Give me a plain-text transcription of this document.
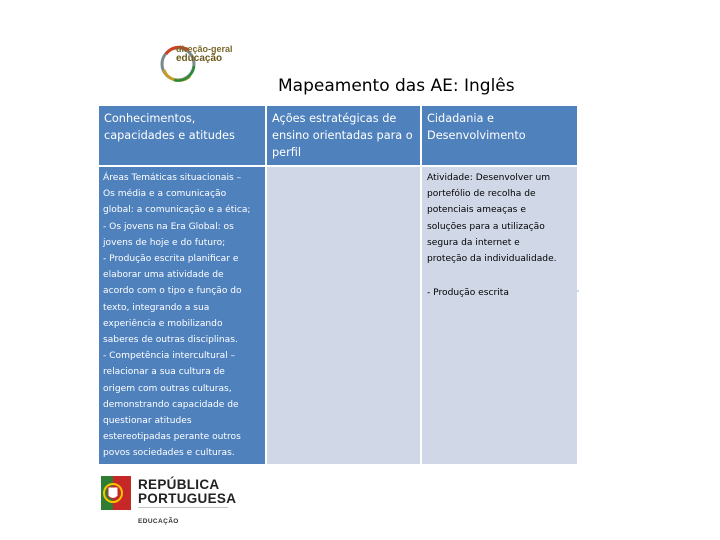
direção-geral
educação
Mapeamento das AE: Inglês
Conhecimentos, capacidades e atitudes
Ações estratégicas de ensino orientadas para o perfil
Cidadania e Desenvolvimento
Áreas Temáticas situacionais –
Os média e a comunicação
global: a comunicação e a ética;
- Os jovens na Era Global: os
jovens de hoje e do futuro;
- Produção escrita planificar e
elaborar uma atividade de
acordo com o tipo e função do
texto, integrando a sua
experiência e mobilizando
saberes de outras disciplinas.
- Competência intercultural –
relacionar a sua cultura de
origem com outras culturas,
demonstrando capacidade de
questionar atitudes
estereotipadas perante outros
povos sociedades e culturas.
Atividade: Desenvolver um
portefólio de recolha de
potenciais ameaças e
soluções para a utilização
segura da internet e
proteção da individualidade.
- Produção escrita
REPÚBLICA
PORTUGUESA
EDUCAÇÃO
